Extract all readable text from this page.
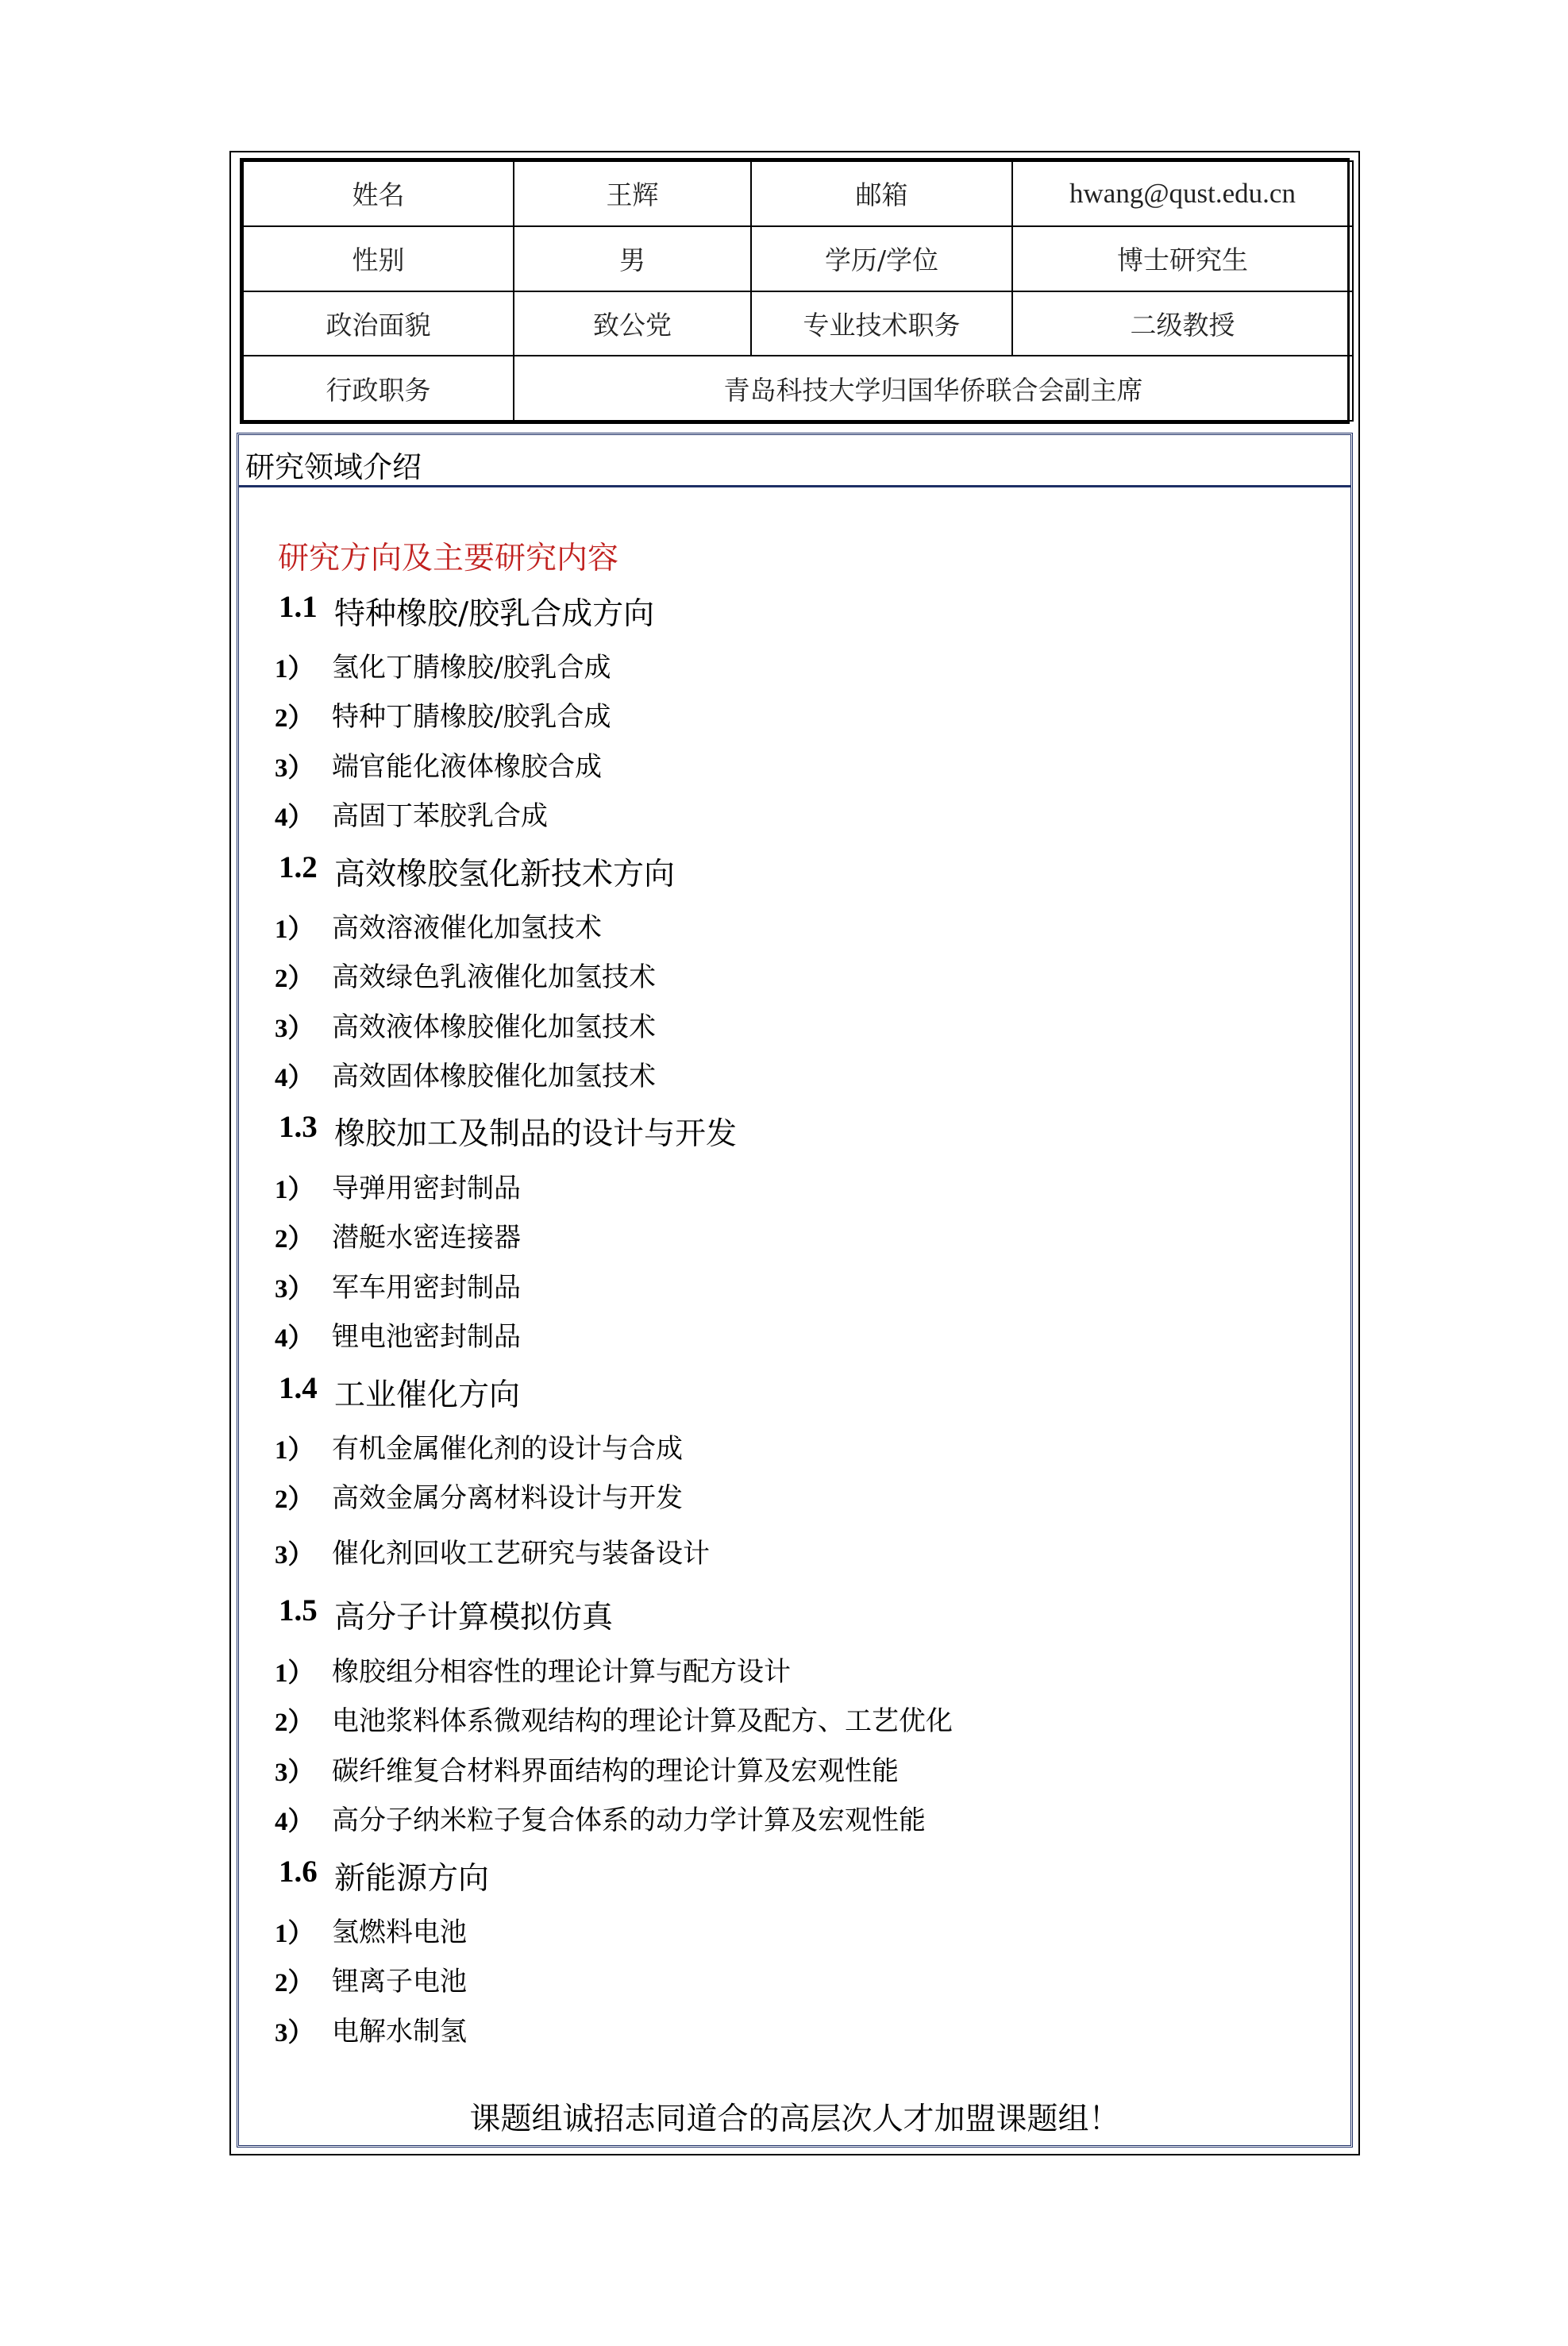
姓名	王辉	邮箱	hwang@qust.edu.cn
性别	男	学历/学位	博士研究生
政治面貌	致公党	专业技术职务	二级教授
行政职务	青岛科技大学归国华侨联合会副主席		
研究领域介绍
研究方向及主要研究内容
1.1 特种橡胶/胶乳合成方向
1） 氢化丁腈橡胶/胶乳合成
2） 特种丁腈橡胶/胶乳合成
3） 端官能化液体橡胶合成
4） 高固丁苯胶乳合成
1.2 高效橡胶氢化新技术方向
1） 高效溶液催化加氢技术
2） 高效绿色乳液催化加氢技术
3） 高效液体橡胶催化加氢技术
4） 高效固体橡胶催化加氢技术
1.3 橡胶加工及制品的设计与开发
1） 导弹用密封制品
2） 潜艇水密连接器
3） 军车用密封制品
4） 锂电池密封制品
1.4 工业催化方向
1） 有机金属催化剂的设计与合成
2） 高效金属分离材料设计与开发
3） 催化剂回收工艺研究与装备设计
1.5 高分子计算模拟仿真
1） 橡胶组分相容性的理论计算与配方设计
2） 电池浆料体系微观结构的理论计算及配方、工艺优化
3） 碳纤维复合材料界面结构的理论计算及宏观性能
4） 高分子纳米粒子复合体系的动力学计算及宏观性能
1.6 新能源方向
1） 氢燃料电池
2） 锂离子电池
3） 电解水制氢
课题组诚招志同道合的高层次人才加盟课题组！
